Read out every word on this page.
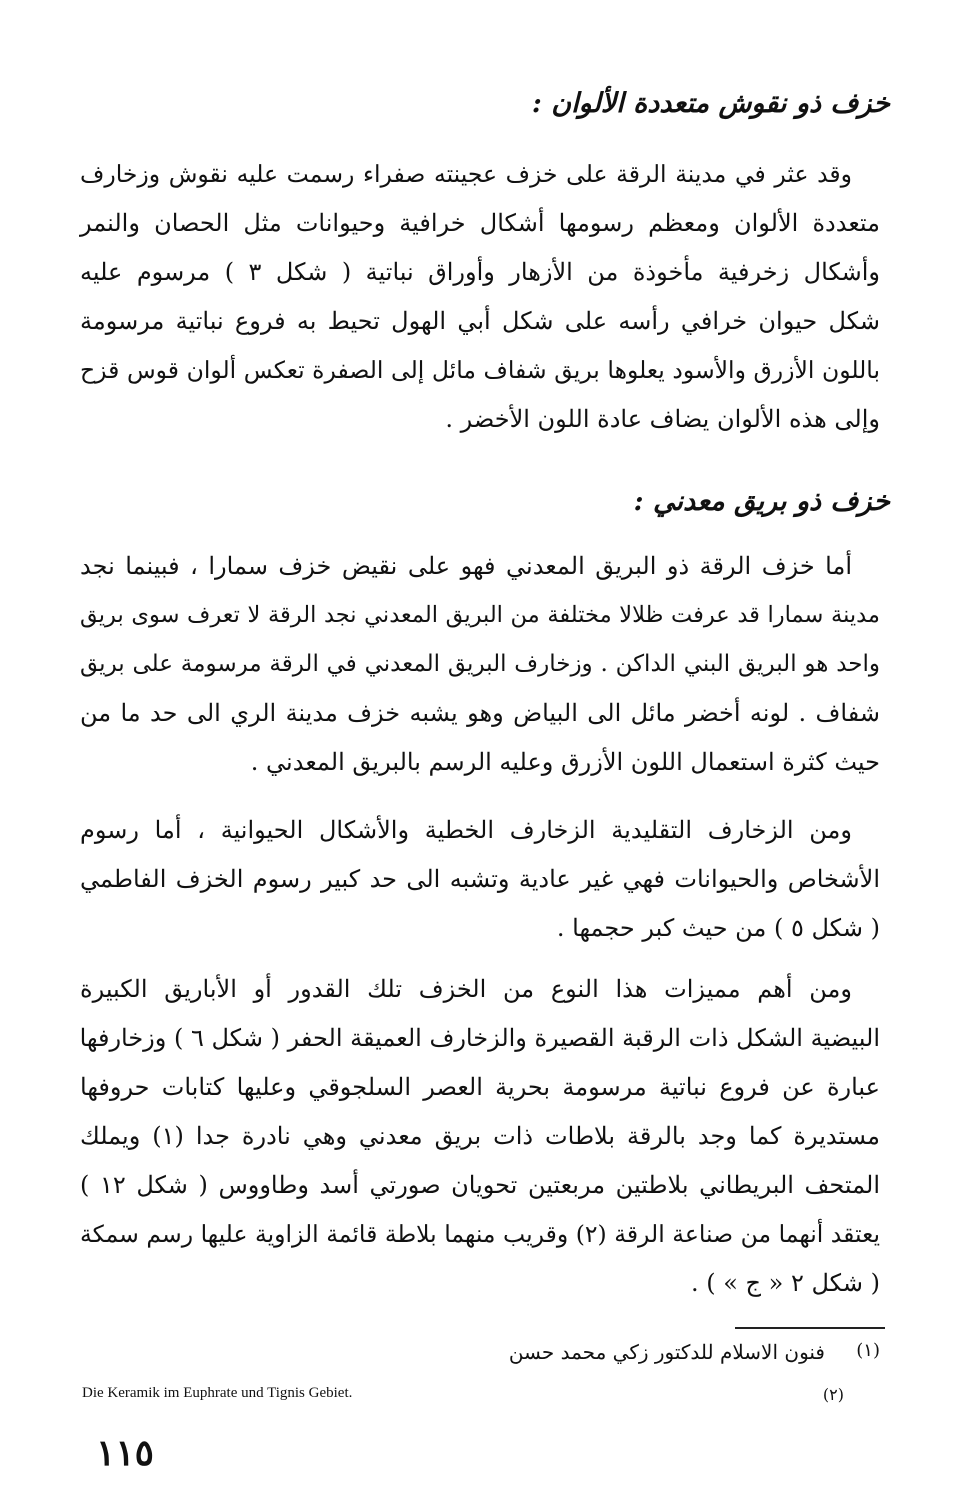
خزف ذو نقوش متعددة الألوان :
وقد عثر في مدينة الرقة على خزف عجينته صفراء رسمت عليه نقوش وزخارف
متعددة الألوان ومعظم رسومها أشكال خرافية وحيوانات مثل الحصان والنمر
وأشكال زخرفية مأخوذة من الأزهار وأوراق نباتية ( شكل ٣ ) مرسوم عليه
شكل حيوان خرافي رأسه على شكل أبي الهول تحيط به فروع نباتية مرسومة
باللون الأزرق والأسود يعلوها بريق شفاف مائل إلى الصفرة تعكس ألوان قوس قزح
وإلى هذه الألوان يضاف عادة اللون الأخضر .
خزف ذو بريق معدني :
أما خزف الرقة ذو البريق المعدني فهو على نقيض خزف سمارا ، فبينما نجد
مدينة سمارا قد عرفت ظلالا مختلفة من البريق المعدني نجد الرقة لا تعرف سوى بريق
واحد هو البريق البني الداكن . وزخارف البريق المعدني في الرقة مرسومة على بريق
شفاف . لونه أخضر مائل الى البياض وهو يشبه خزف مدينة الري الى حد ما من
حيث كثرة استعمال اللون الأزرق وعليه الرسم بالبريق المعدني .
ومن الزخارف التقليدية الزخارف الخطية والأشكال الحيوانية ، أما رسوم
الأشخاص والحيوانات فهي غير عادية وتشبه الى حد كبير رسوم الخزف الفاطمي
( شكل ٥ ) من حيث كبر حجمها .
ومن أهم مميزات هذا النوع من الخزف تلك القدور أو الأباريق الكبيرة
البيضية الشكل ذات الرقبة القصيرة والزخارف العميقة الحفر ( شكل ٦ ) وزخارفها
عبارة عن فروع نباتية مرسومة بحرية العصر السلجوقي وعليها كتابات حروفها
مستديرة كما وجد بالرقة بلاطات ذات بريق معدني وهي نادرة جدا (١) ويملك
المتحف البريطاني بلاطتين مربعتين تحويان صورتي أسد وطاووس ( شكل ١٢ )
يعتقد أنهما من صناعة الرقة (٢) وقريب منهما بلاطة قائمة الزاوية عليها رسم سمكة
( شكل ٢ « ج » ) .
(١)
فنون الاسلام للدكتور زكي محمد حسن
Die Keramik im Euphrate und Tignis Gebiet.	(٢)
١١٥
